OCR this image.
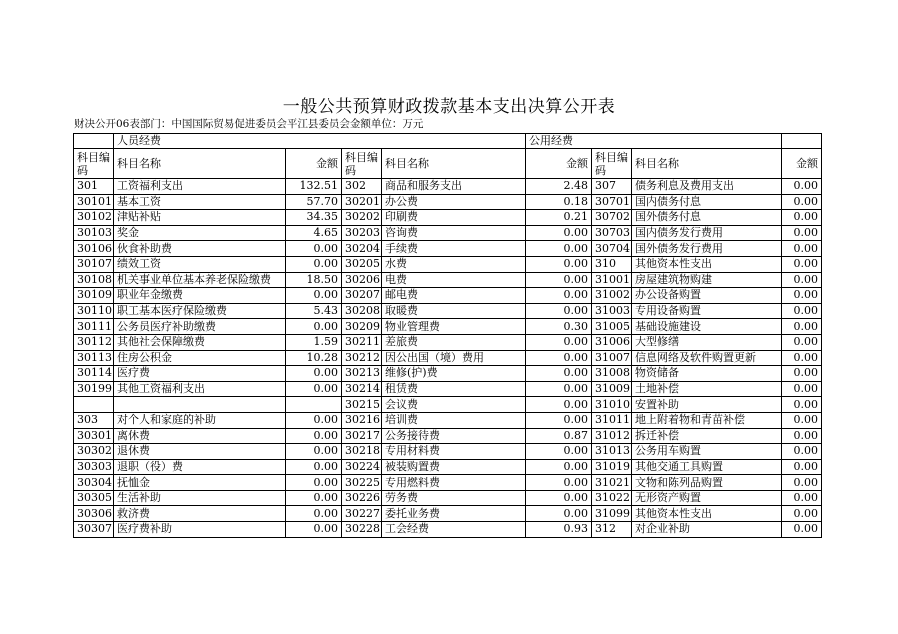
一般公共预算财政拨款基本支出决算公开表
财决公开06表部门：中国国际贸易促进委员会平江县委员会金额单位：万元
	人员经费				公用经费			
科目编码	科目名称	金额	科目编码	科目名称	金额	科目编码	科目名称	金额
301	工资福利支出	132.51	302	商品和服务支出	2.48	307	债务利息及费用支出	0.00
30101	基本工资	57.70	30201	办公费	0.18	30701	国内债务付息	0.00
30102	津贴补贴	34.35	30202	印刷费	0.21	30702	国外债务付息	0.00
30103	奖金	4.65	30203	咨询费	0.00	30703	国内债务发行费用	0.00
30106	伙食补助费	0.00	30204	手续费	0.00	30704	国外债务发行费用	0.00
30107	绩效工资	0.00	30205	水费	0.00	310	其他资本性支出	0.00
30108	机关事业单位基本养老保险缴费	18.50	30206	电费	0.00	31001	房屋建筑物购建	0.00
30109	职业年金缴费	0.00	30207	邮电费	0.00	31002	办公设备购置	0.00
30110	职工基本医疗保险缴费	5.43	30208	取暖费	0.00	31003	专用设备购置	0.00
30111	公务员医疗补助缴费	0.00	30209	物业管理费	0.30	31005	基础设施建设	0.00
30112	其他社会保障缴费	1.59	30211	差旅费	0.00	31006	大型修缮	0.00
30113	住房公积金	10.28	30212	因公出国（境）费用	0.00	31007	信息网络及软件购置更新	0.00
30114	医疗费	0.00	30213	维修(护)费	0.00	31008	物资储备	0.00
30199	其他工资福利支出	0.00	30214	租赁费	0.00	31009	土地补偿	0.00
			30215	会议费	0.00	31010	安置补助	0.00
303	对个人和家庭的补助	0.00	30216	培训费	0.00	31011	地上附着物和青苗补偿	0.00
30301	离休费	0.00	30217	公务接待费	0.87	31012	拆迁补偿	0.00
30302	退休费	0.00	30218	专用材料费	0.00	31013	公务用车购置	0.00
30303	退职（役）费	0.00	30224	被装购置费	0.00	31019	其他交通工具购置	0.00
30304	抚恤金	0.00	30225	专用燃料费	0.00	31021	文物和陈列品购置	0.00
30305	生活补助	0.00	30226	劳务费	0.00	31022	无形资产购置	0.00
30306	救济费	0.00	30227	委托业务费	0.00	31099	其他资本性支出	0.00
30307	医疗费补助	0.00	30228	工会经费	0.93	312	对企业补助	0.00
